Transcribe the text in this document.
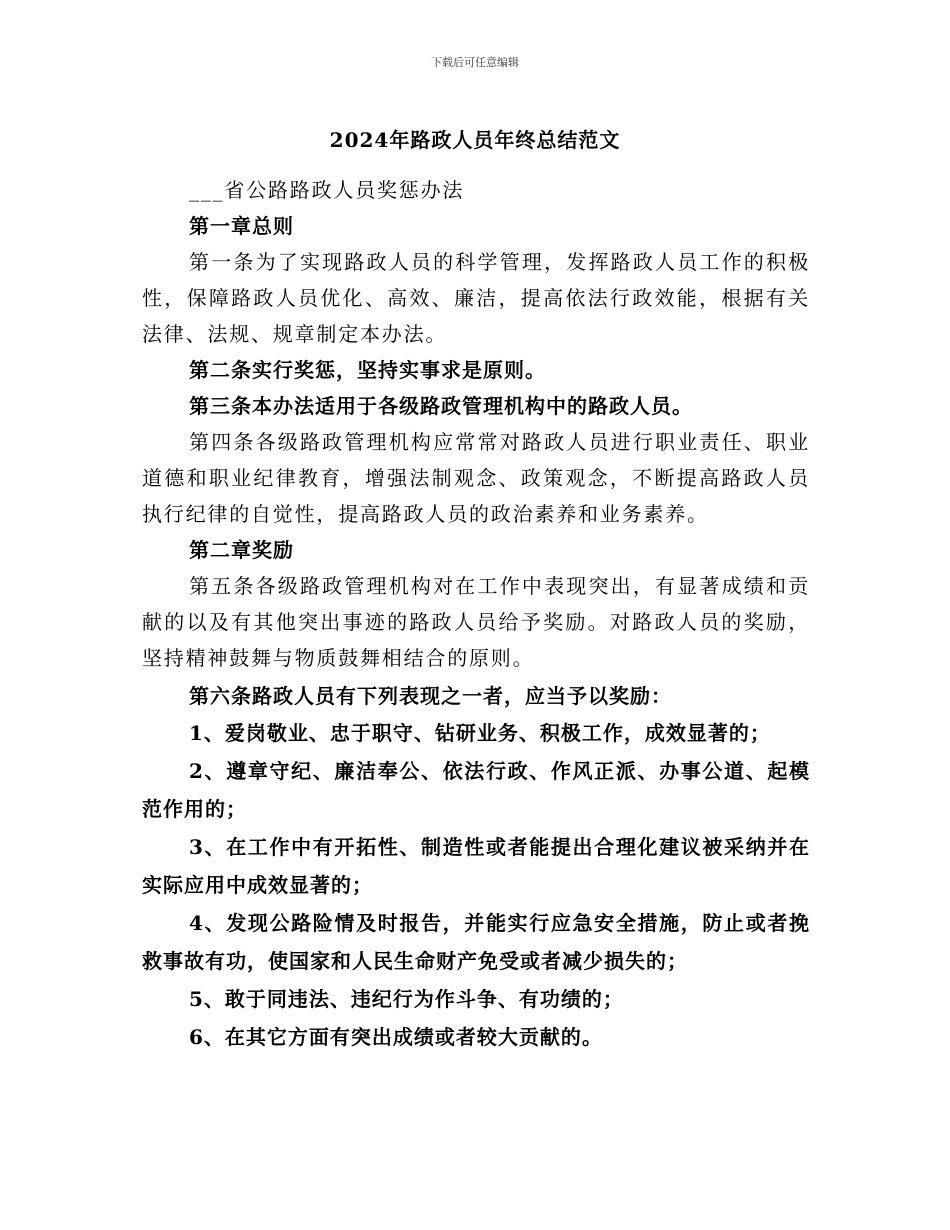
下载后可任意编辑
2024年路政人员年终总结范文

___省公路路政人员奖惩办法

第一章总则

第一条为了实现路政人员的科学管理，发挥路政人员工作的积极性，保障路政人员优化、高效、廉洁，提高依法行政效能，根据有关法律、法规、规章制定本办法。

第二条实行奖惩，坚持实事求是原则。

第三条本办法适用于各级路政管理机构中的路政人员。

第四条各级路政管理机构应常常对路政人员进行职业责任、职业道德和职业纪律教育，增强法制观念、政策观念，不断提高路政人员执行纪律的自觉性，提高路政人员的政治素养和业务素养。

第二章奖励

第五条各级路政管理机构对在工作中表现突出，有显著成绩和贡献的以及有其他突出事迹的路政人员给予奖励。对路政人员的奖励，坚持精神鼓舞与物质鼓舞相结合的原则。

第六条路政人员有下列表现之一者，应当予以奖励：

1、爱岗敬业、忠于职守、钻研业务、积极工作，成效显著的；

2、遵章守纪、廉洁奉公、依法行政、作风正派、办事公道、起模范作用的；

3、在工作中有开拓性、制造性或者能提出合理化建议被采纳并在实际应用中成效显著的；

4、发现公路险情及时报告，并能实行应急安全措施，防止或者挽救事故有功，使国家和人民生命财产免受或者减少损失的；

5、敢于同违法、违纪行为作斗争、有功绩的；

6、在其它方面有突出成绩或者较大贡献的。
